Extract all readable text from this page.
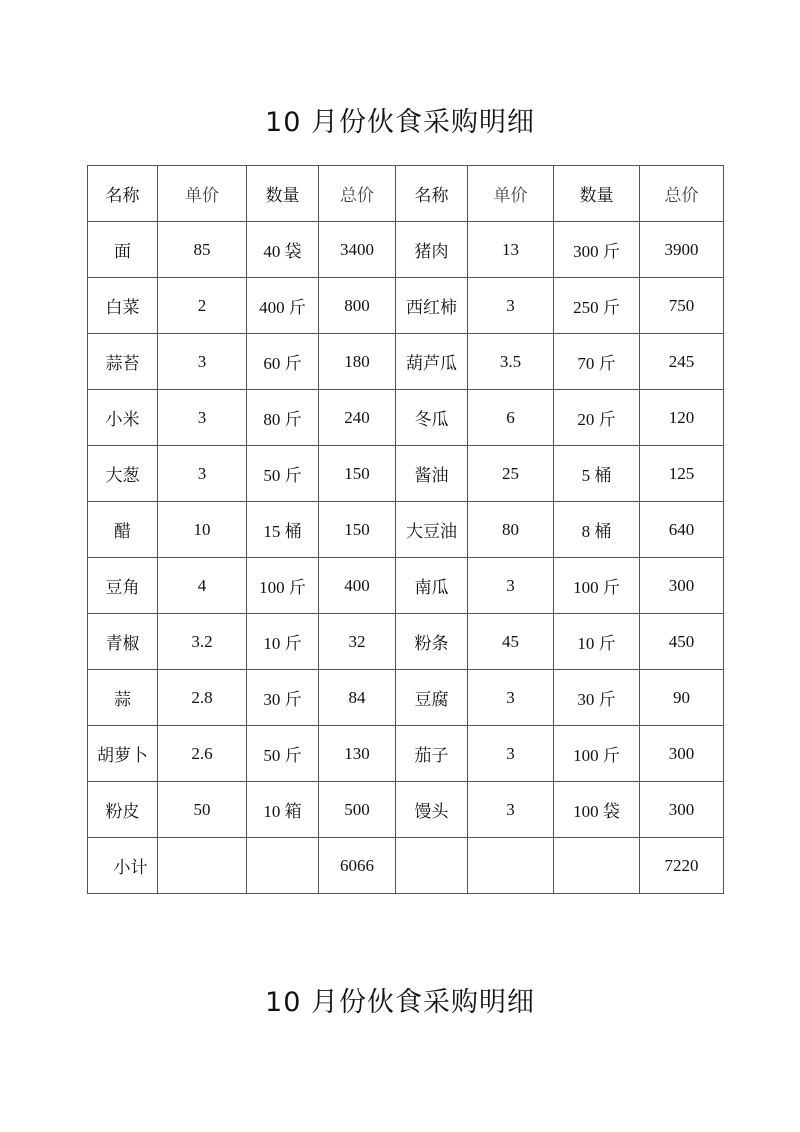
10 月份伙食采购明细
名称	单价	数量	总价	名称	单价	数量	总价
面	85	40 袋	3400	猪肉	13	300 斤	3900
白菜	2	400 斤	800	西红柿	3	250 斤	750
蒜苔	3	60 斤	180	葫芦瓜	3.5	70 斤	245
小米	3	80 斤	240	冬瓜	6	20 斤	120
大葱	3	50 斤	150	酱油	25	5 桶	125
醋	10	15 桶	150	大豆油	80	8 桶	640
豆角	4	100 斤	400	南瓜	3	100 斤	300
青椒	3.2	10 斤	32	粉条	45	10 斤	450
蒜	2.8	30 斤	84	豆腐	3	30 斤	90
胡萝卜	2.6	50 斤	130	茄子	3	100 斤	300
粉皮	50	10 箱	500	馒头	3	100 袋	300
小计			6066				7220
10 月份伙食采购明细
